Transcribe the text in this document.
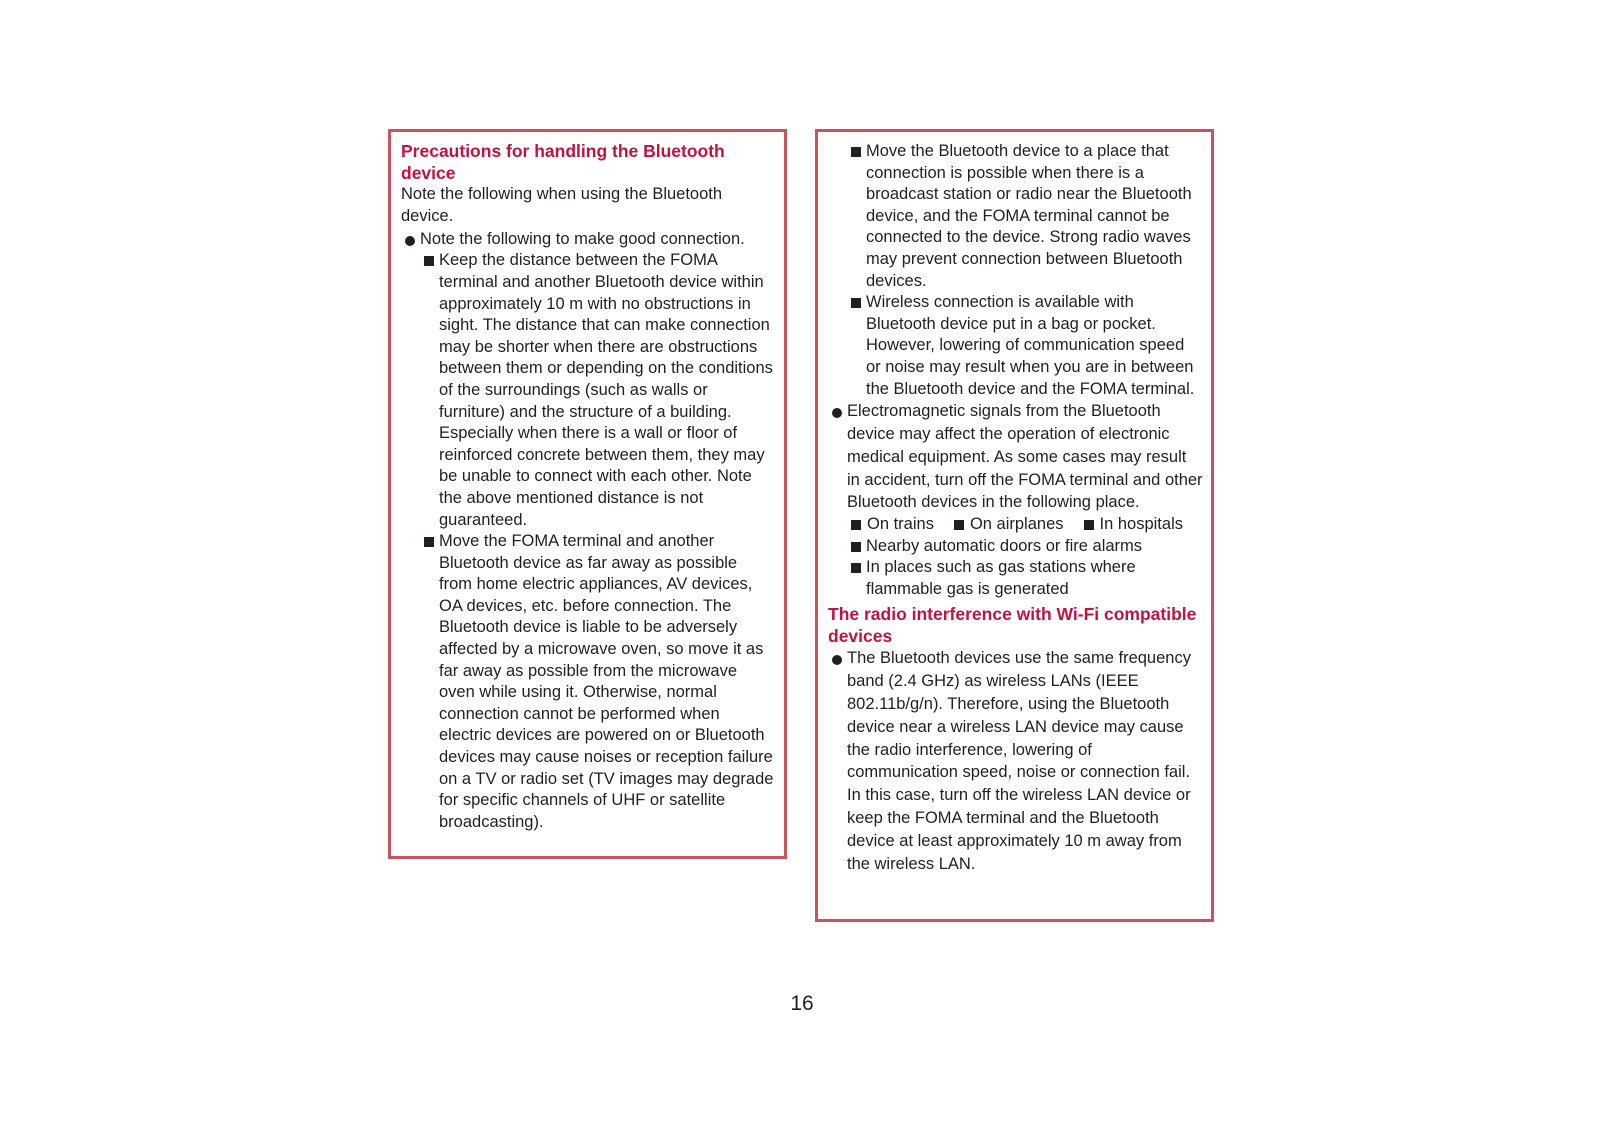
Precautions for handling the Bluetooth device

Note the following when using the Bluetooth device.

Note the following to make good connection.
Keep the distance between the FOMA terminal and another Bluetooth device within approximately 10 m with no obstructions in sight. The distance that can make connection may be shorter when there are obstructions between them or depending on the conditions of the surroundings (such as walls or furniture) and the structure of a building. Especially when there is a wall or floor of reinforced concrete between them, they may be unable to connect with each other. Note the above mentioned distance is not guaranteed.
Move the FOMA terminal and another Bluetooth device as far away as possible from home electric appliances, AV devices, OA devices, etc. before connection. The Bluetooth device is liable to be adversely affected by a microwave oven, so move it as far away as possible from the microwave oven while using it. Otherwise, normal connection cannot be performed when electric devices are powered on or Bluetooth devices may cause noises or reception failure on a TV or radio set (TV images may degrade for specific channels of UHF or satellite broadcasting).
Move the Bluetooth device to a place that connection is possible when there is a broadcast station or radio near the Bluetooth device, and the FOMA terminal cannot be connected to the device. Strong radio waves may prevent connection between Bluetooth devices.
Wireless connection is available with Bluetooth device put in a bag or pocket. However, lowering of communication speed or noise may result when you are in between the Bluetooth device and the FOMA terminal.
Electromagnetic signals from the Bluetooth device may affect the operation of electronic medical equipment. As some cases may result in accident, turn off the FOMA terminal and other Bluetooth devices in the following place.
On trains On airplanes In hospitals
Nearby automatic doors or fire alarms
In places such as gas stations where flammable gas is generated

The radio interference with Wi-Fi compatible devices

The Bluetooth devices use the same frequency band (2.4 GHz) as wireless LANs (IEEE 802.11b/g/n). Therefore, using the Bluetooth device near a wireless LAN device may cause the radio interference, lowering of communication speed, noise or connection fail. In this case, turn off the wireless LAN device or keep the FOMA terminal and the Bluetooth device at least approximately 10 m away from the wireless LAN.
16
